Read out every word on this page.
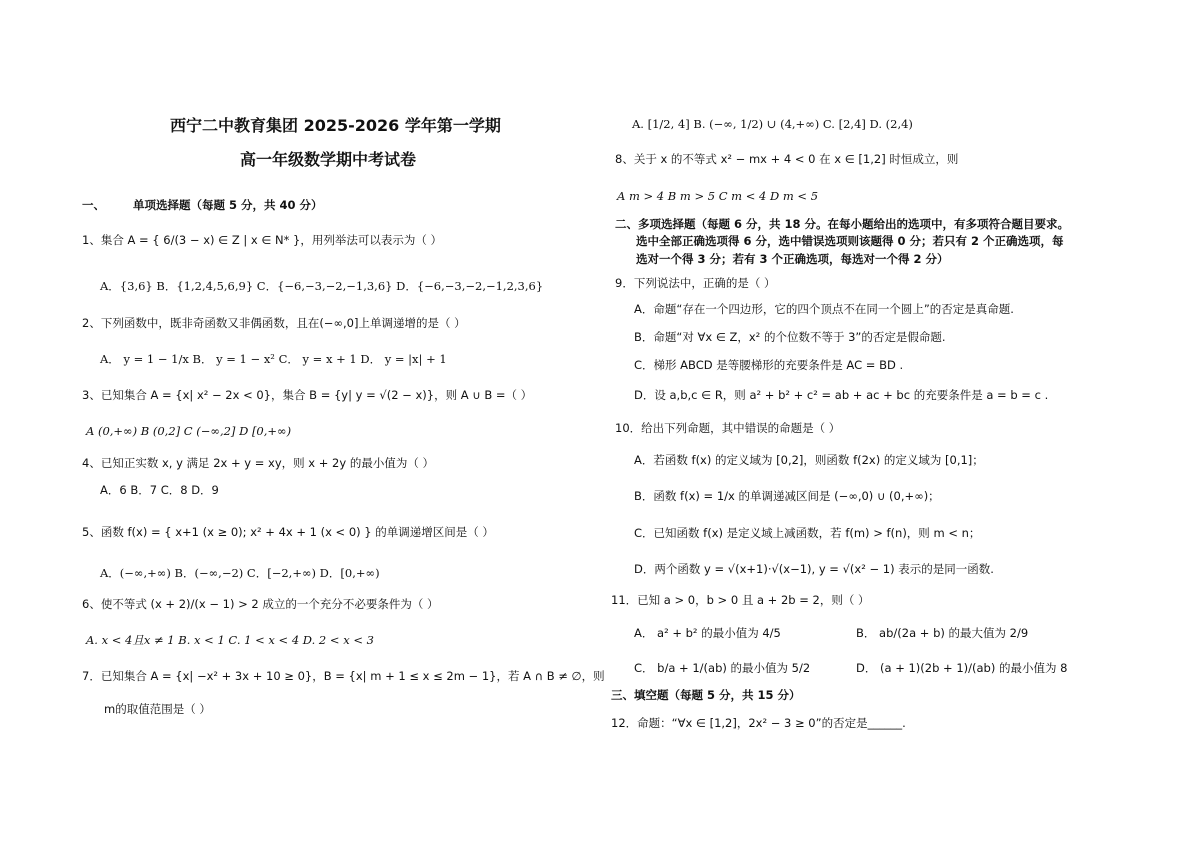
西宁二中教育集团 2025-2026 学年第一学期
高一年级数学期中考试卷
一、 单项选择题（每题 5 分，共 40 分）
1、集合 A = { 6/(3 − x) ∈ Z | x ∈ N* }，用列举法可以表示为（ ）
A．{3,6} B．{1,2,4,5,6,9} C．{−6,−3,−2,−1,3,6} D．{−6,−3,−2,−1,2,3,6}
2、下列函数中，既非奇函数又非偶函数，且在(−∞,0]上单调递增的是（ ）
A． y = 1 − 1/x B． y = 1 − x² C． y = x + 1 D． y = |x| + 1
3、已知集合 A = {x| x² − 2x < 0}，集合 B = {y| y = √(2 − x)}，则 A ∪ B =（ ）
A (0,+∞) B (0,2] C (−∞,2] D [0,+∞)
4、已知正实数 x, y 满足 2x + y = xy，则 x + 2y 的最小值为（ ）
A．6 B．7 C．8 D．9
5、函数 f(x) = { x+1 (x ≥ 0); x² + 4x + 1 (x < 0) } 的单调递增区间是（ ）
A．(−∞,+∞) B．(−∞,−2) C．[−2,+∞) D．[0,+∞)
6、使不等式 (x + 2)/(x − 1) > 2 成立的一个充分不必要条件为（ ）
A. x < 4且x ≠ 1 B. x < 1 C. 1 < x < 4 D. 2 < x < 3
7．已知集合 A = {x| −x² + 3x + 10 ≥ 0}，B = {x| m + 1 ≤ x ≤ 2m − 1}，若 A ∩ B ≠ ∅，则
m的取值范围是（ ）
A. [1/2, 4] B. (−∞, 1/2) ∪ (4,+∞) C. [2,4] D. (2,4)
8、关于 x 的不等式 x² − mx + 4 < 0 在 x ∈ [1,2] 时恒成立，则
A m > 4 B m > 5 C m < 4 D m < 5
二、多项选择题（每题 6 分，共 18 分。在每小题给出的选项中，有多项符合题目要求。
选中全部正确选项得 6 分，选中错误选项则该题得 0 分；若只有 2 个正确选项，每
选对一个得 3 分；若有 3 个正确选项，每选对一个得 2 分）
9．下列说法中，正确的是（ ）
A．命题“存在一个四边形，它的四个顶点不在同一个圆上”的否定是真命题.
B．命题“对 ∀x ∈ Z，x² 的个位数不等于 3”的否定是假命题.
C．梯形 ABCD 是等腰梯形的充要条件是 AC = BD .
D．设 a,b,c ∈ R，则 a² + b² + c² = ab + ac + bc 的充要条件是 a = b = c .
10．给出下列命题，其中错误的命题是（ ）
A．若函数 f(x) 的定义域为 [0,2]，则函数 f(2x) 的定义域为 [0,1]；
B．函数 f(x) = 1/x 的单调递减区间是 (−∞,0) ∪ (0,+∞)；
C．已知函数 f(x) 是定义域上减函数，若 f(m) > f(n)，则 m < n；
D．两个函数 y = √(x+1)·√(x−1), y = √(x² − 1) 表示的是同一函数.
11．已知 a > 0，b > 0 且 a + 2b = 2，则（ ）
A． a² + b² 的最小值为 4/5	B． ab/(2a + b) 的最大值为 2/9
C． b/a + 1/(ab) 的最小值为 5/2	D． (a + 1)(2b + 1)/(ab) 的最小值为 8
三、填空题（每题 5 分，共 15 分）
12．命题：“∀x ∈ [1,2]，2x² − 3 ≥ 0”的否定是______.
